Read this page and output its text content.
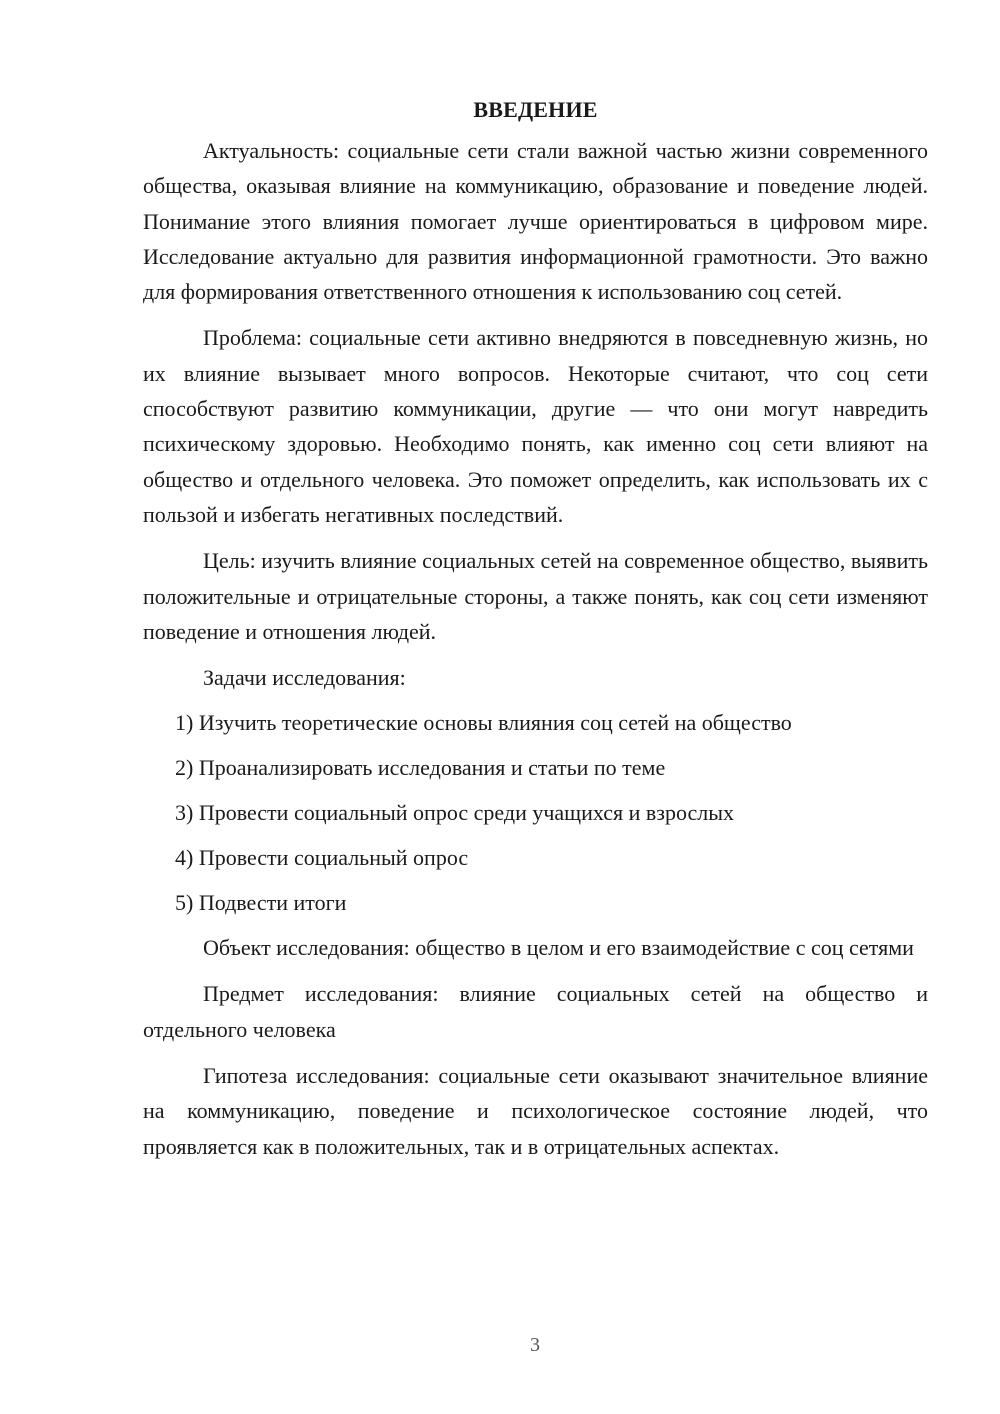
ВВЕДЕНИЕ

Актуальность: социальные сети стали важной частью жизни современного общества, оказывая влияние на коммуникацию, образование и поведение людей. Понимание этого влияния помогает лучше ориентироваться в цифровом мире. Исследование актуально для развития информационной грамотности. Это важно для формирования ответственного отношения к использованию соц сетей.

Проблема: социальные сети активно внедряются в повседневную жизнь, но их влияние вызывает много вопросов. Некоторые считают, что соц сети способствуют развитию коммуникации, другие — что они могут навредить психическому здоровью. Необходимо понять, как именно соц сети влияют на общество и отдельного человека. Это поможет определить, как использовать их с пользой и избегать негативных последствий.

Цель: изучить влияние социальных сетей на современное общество, выявить положительные и отрицательные стороны, а также понять, как соц сети изменяют поведение и отношения людей.

Задачи исследования:
1) Изучить теоретические основы влияния соц сетей на общество
2) Проанализировать исследования и статьи по теме
3) Провести социальный опрос среди учащихся и взрослых
4) Провести социальный опрос
5) Подвести итоги

Объект исследования: общество в целом и его взаимодействие с соц сетями

Предмет исследования: влияние социальных сетей на общество и отдельного человека

Гипотеза исследования: социальные сети оказывают значительное влияние на коммуникацию, поведение и психологическое состояние людей, что проявляется как в положительных, так и в отрицательных аспектах.

3
